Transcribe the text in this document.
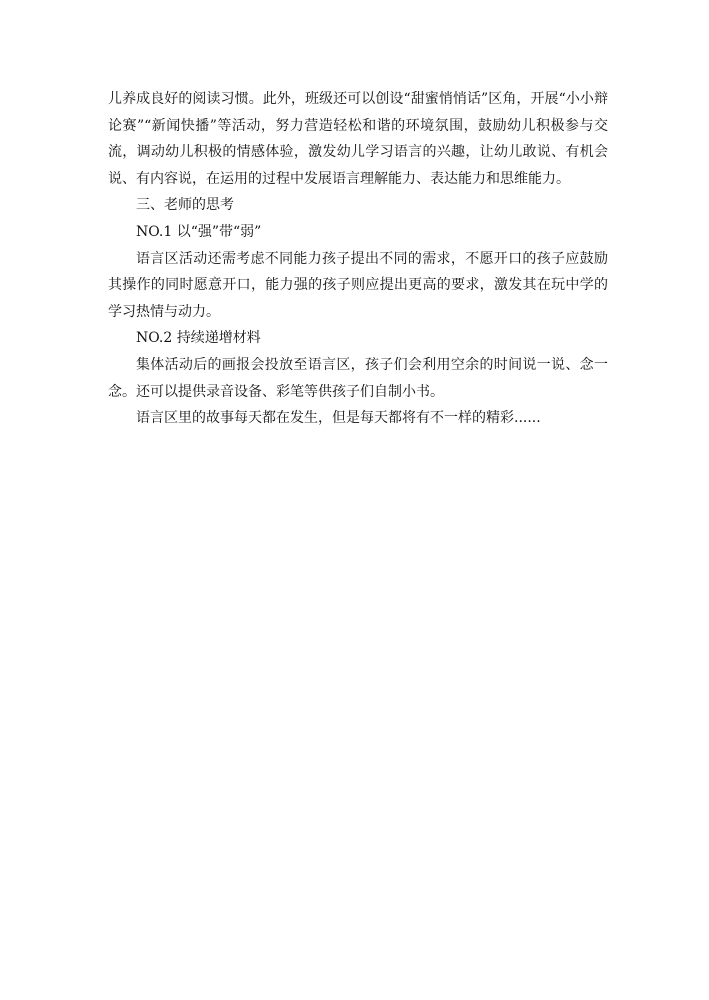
儿养成良好的阅读习惯。此外，班级还可以创设“甜蜜悄悄话”区角，开展“小小辩论赛”“新闻快播”等活动，努力营造轻松和谐的环境氛围，鼓励幼儿积极参与交流，调动幼儿积极的情感体验，激发幼儿学习语言的兴趣，让幼儿敢说、有机会说、有内容说，在运用的过程中发展语言理解能力、表达能力和思维能力。

三、老师的思考

NO.1 以“强”带“弱”

语言区活动还需考虑不同能力孩子提出不同的需求，不愿开口的孩子应鼓励其操作的同时愿意开口，能力强的孩子则应提出更高的要求，激发其在玩中学的学习热情与动力。

NO.2 持续递增材料

集体活动后的画报会投放至语言区，孩子们会利用空余的时间说一说、念一念。还可以提供录音设备、彩笔等供孩子们自制小书。

语言区里的故事每天都在发生，但是每天都将有不一样的精彩......
